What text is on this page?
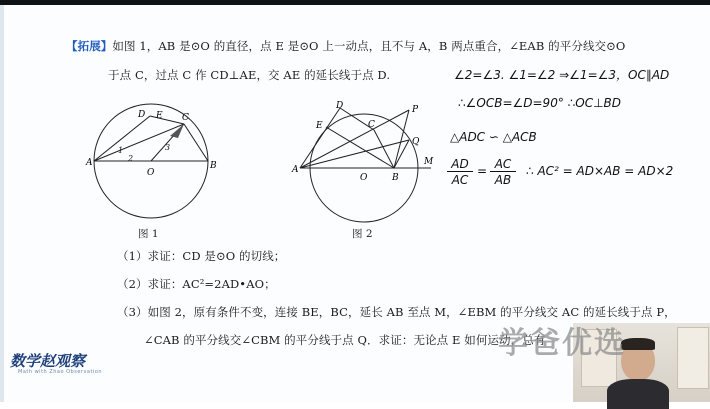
【拓展】如图 1，AB 是⊙O 的直径，点 E 是⊙O 上一动点，且不与 A，B 两点重合，∠EAB 的平分线交⊙O
于点 C，过点 C 作 CD⊥AE，交 AE 的延长线于点 D.
D E C
A
O
B
1
2
3
图 1
D
E	C
P
Q
A
O	B
M
图 2
（1）求证：CD 是⊙O 的切线；
（2）求证：AC²=2AD•AO；
（3）如图 2，原有条件不变，连接 BE，BC，延长 AB 至点 M，∠EBM 的平分线交 AC 的延长线于点 P，
∠CAB 的平分线交∠CBM 的平分线于点 Q．求证：无论点 E 如何运动，总有
∠2=∠3. ∠1=∠2 ⇒∠1=∠3，OC∥AD
∴∠OCB=∠D=90° ∴OC⊥BD
△ADC ∽ △ACB
AD
AC
= AC
AB
∴ AC² = AD×AB = AD×2
数学赵观察
Math with Zhao Observation
学爸优选
